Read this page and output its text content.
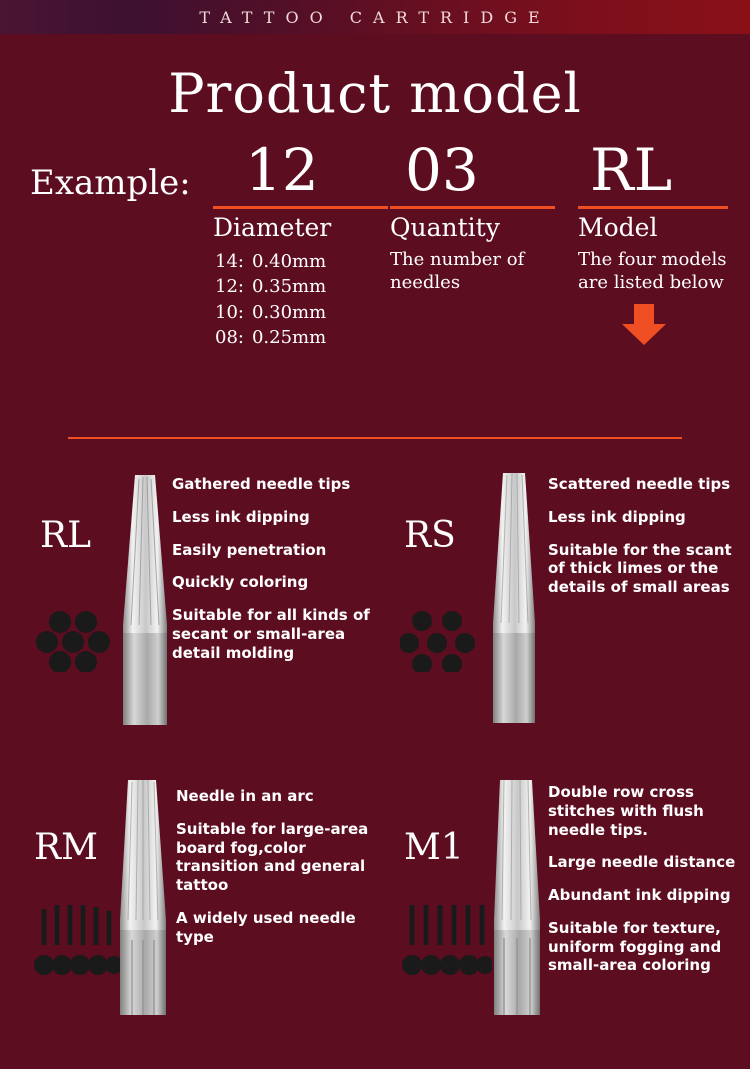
TATTOO CARTRIDGE
Product model
Example: 12
Diameter
14:	0.40mm
12:	0.35mm
10:	0.30mm
08:	0.25mm
03
Quantity
The number of needles
RL
Model
The four models are listed below
RL

Gathered needle tips

Less ink dipping

Easily penetration

Quickly coloring

Suitable for all kinds of secant or small-area detail molding

RS

Scattered needle tips

Less ink dipping

Suitable for the scant of thick limes or the details of small areas

RM

Needle in an arc

Suitable for large-area board fog,color transition and general tattoo

A widely used needle type

M1

Double row cross stitches with flush needle tips.

Large needle distance

Abundant ink dipping

Suitable for texture, uniform fogging and small-area coloring
